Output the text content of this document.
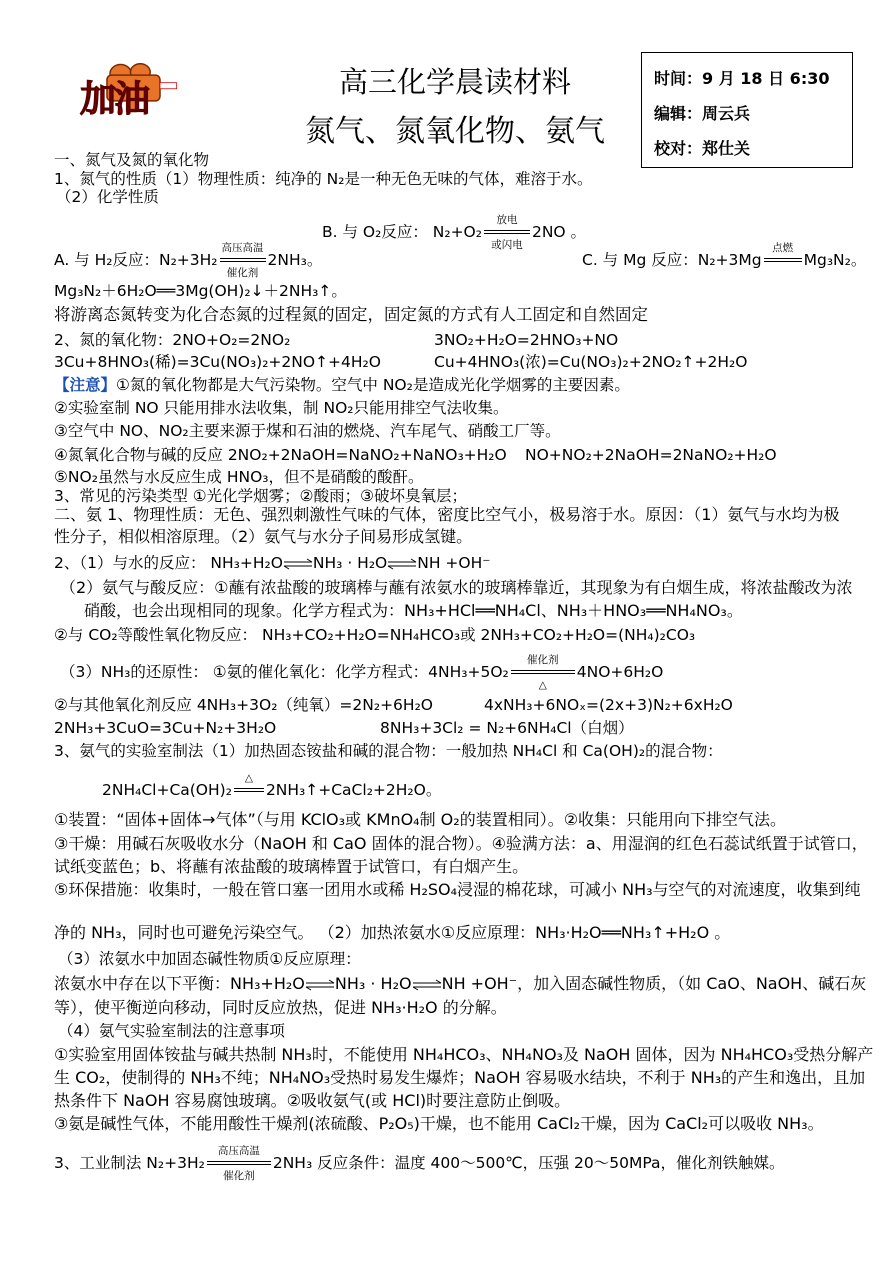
加油	高三化学晨读材料
氮气、氮氧化物、氨气
时间：9 月 18 日 6:30
编辑：周云兵
校对：郑仕关
一、氮气及氮的氧化物
1、氮气的性质（1）物理性质：纯净的 N₂是一种无色无味的气体，难溶于水。
（2）化学性质
B. 与 O₂反应： N₂+O₂
放电
或闪电
2NO 。
A. 与 H₂反应：N₂+3H₂
高压高温
催化剂
2NH₃。	C. 与 Mg 反应：N₂+3Mg
点燃
Mg₃N₂。
Mg₃N₂＋6H₂O══3Mg(OH)₂↓＋2NH₃↑。
将游离态氮转变为化合态氮的过程氮的固定，固定氮的方式有人工固定和自然固定
2、氮的氧化物：2NO+O₂=2NO₂	3NO₂+H₂O=2HNO₃+NO
3Cu+8HNO₃(稀)=3Cu(NO₃)₂+2NO↑+4H₂O	Cu+4HNO₃(浓)=Cu(NO₃)₂+2NO₂↑+2H₂O
【注意】①氮的氧化物都是大气污染物。空气中 NO₂是造成光化学烟雾的主要因素。
②实验室制 NO 只能用排水法收集，制 NO₂只能用排空气法收集。
③空气中 NO、NO₂主要来源于煤和石油的燃烧、汽车尾气、硝酸工厂等。
④氮氧化合物与碱的反应 2NO₂+2NaOH=NaNO₂+NaNO₃+H₂O NO+NO₂+2NaOH=2NaNO₂+H₂O
⑤NO₂虽然与水反应生成 HNO₃，但不是硝酸的酸酐。
3、常见的污染类型 ①光化学烟雾；②酸雨；③破坏臭氧层；
二、氨 1、物理性质：无色、强烈刺激性气味的气体，密度比空气小，极易溶于水。原因：（1）氨气与水均为极
性分子，相似相溶原理。（2）氨气与水分子间易形成氢键。
2、（1）与水的反应： NH₃+H₂O⇌NH₃ · H₂O⇌NH +OH⁻
（2）氨气与酸反应：①蘸有浓盐酸的玻璃棒与蘸有浓氨水的玻璃棒靠近，其现象为有白烟生成，将浓盐酸改为浓
硝酸，也会出现相同的现象。化学方程式为：NH₃+HCl══NH₄Cl、NH₃＋HNO₃══NH₄NO₃。
②与 CO₂等酸性氧化物反应： NH₃+CO₂+H₂O=NH₄HCO₃或 2NH₃+CO₂+H₂O=(NH₄)₂CO₃
（3）NH₃的还原性： ①氨的催化氧化：化学方程式：4NH₃+5O₂
催化剂
△
4NO+6H₂O
②与其他氧化剂反应 4NH₃+3O₂（纯氧）=2N₂+6H₂O	4xNH₃+6NOₓ=(2x+3)N₂+6xH₂O
2NH₃+3CuO=3Cu+N₂+3H₂O	8NH₃+3Cl₂ = N₂+6NH₄Cl（白烟）
3、氨气的实验室制法（1）加热固态铵盐和碱的混合物：一般加热 NH₄Cl 和 Ca(OH)₂的混合物：
2NH₄Cl+Ca(OH)₂
△
2NH₃↑+CaCl₂+2H₂O。
①装置：“固体+固体→气体”（与用 KClO₃或 KMnO₄制 O₂的装置相同）。②收集：只能用向下排空气法。
③干燥：用碱石灰吸收水分（NaOH 和 CaO 固体的混合物）。④验满方法：a、用湿润的红色石蕊试纸置于试管口，
试纸变蓝色；b、将蘸有浓盐酸的玻璃棒置于试管口，有白烟产生。
⑤环保措施：收集时，一般在管口塞一团用水或稀 H₂SO₄浸湿的棉花球，可减小 NH₃与空气的对流速度，收集到纯
净的 NH₃，同时也可避免污染空气。 （2）加热浓氨水①反应原理：NH₃·H₂O══NH₃↑+H₂O 。
（3）浓氨水中加固态碱性物质①反应原理：
浓氨水中存在以下平衡：NH₃+H₂O⇌NH₃ · H₂O⇌NH +OH⁻，加入固态碱性物质，（如 CaO、NaOH、碱石灰
等），使平衡逆向移动，同时反应放热，促进 NH₃·H₂O 的分解。
（4）氨气实验室制法的注意事项
①实验室用固体铵盐与碱共热制 NH₃时，不能使用 NH₄HCO₃、NH₄NO₃及 NaOH 固体，因为 NH₄HCO₃受热分解产
生 CO₂，使制得的 NH₃不纯；NH₄NO₃受热时易发生爆炸；NaOH 容易吸水结块，不利于 NH₃的产生和逸出，且加
热条件下 NaOH 容易腐蚀玻璃。②吸收氨气(或 HCl)时要注意防止倒吸。
③氨是碱性气体，不能用酸性干燥剂(浓硫酸、P₂O₅)干燥，也不能用 CaCl₂干燥，因为 CaCl₂可以吸收 NH₃。
3、工业制法 N₂+3H₂
高压高温
催化剂
2NH₃ 反应条件：温度 400～500℃，压强 20～50MPa，催化剂铁触媒。
